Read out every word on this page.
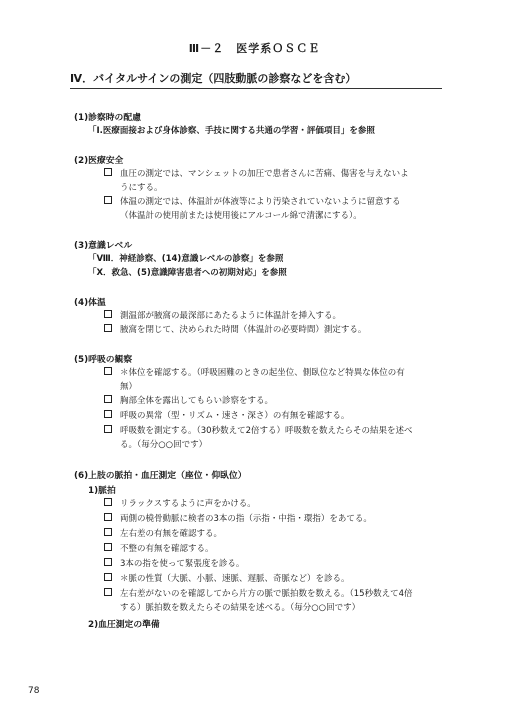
Ⅲ－２　医学系ＯＳＣＥ
Ⅳ．バイタルサインの測定（四肢動脈の診察などを含む）
(1)診察時の配慮
「Ⅰ.医療面接および身体診察、手技に関する共通の学習・評価項目」を参照
(2)医療安全
血圧の測定では、マンシェットの加圧で患者さんに苦痛、傷害を与えないよ
うにする。
体温の測定では、体温計が体液等により汚染されていないように留意する
（体温計の使用前または使用後にアルコール綿で清潔にする）。
(3)意識レベル
「Ⅷ．神経診察、(14)意識レベルの診察」を参照
「Ⅹ．救急、(5)意識障害患者への初期対応」を参照
(4)体温
測温部が腋窩の最深部にあたるように体温計を挿入する。
腋窩を閉じて、決められた時間（体温計の必要時間）測定する。
(5)呼吸の観察
＊体位を確認する。（呼吸困難のときの起坐位、側臥位など特異な体位の有
無）
胸部全体を露出してもらい診察をする。
呼吸の異常（型・リズム・速さ・深さ）の有無を確認する。
呼吸数を測定する。（30秒数えて2倍する）呼吸数を数えたらその結果を述べ
る。（毎分○○回です）
(6)上肢の脈拍・血圧測定（座位・仰臥位）
1)脈拍
リラックスするように声をかける。
両側の橈骨動脈に検者の3本の指（示指・中指・環指）をあてる。
左右差の有無を確認する。
不整の有無を確認する。
3本の指を使って緊張度を診る。
＊脈の性質（大脈、小脈、速脈、遅脈、奇脈など）を診る。
左右差がないのを確認してから片方の脈で脈拍数を数える。（15秒数えて4倍
する）脈拍数を数えたらその結果を述べる。（毎分○○回です）
2)血圧測定の準備
78
